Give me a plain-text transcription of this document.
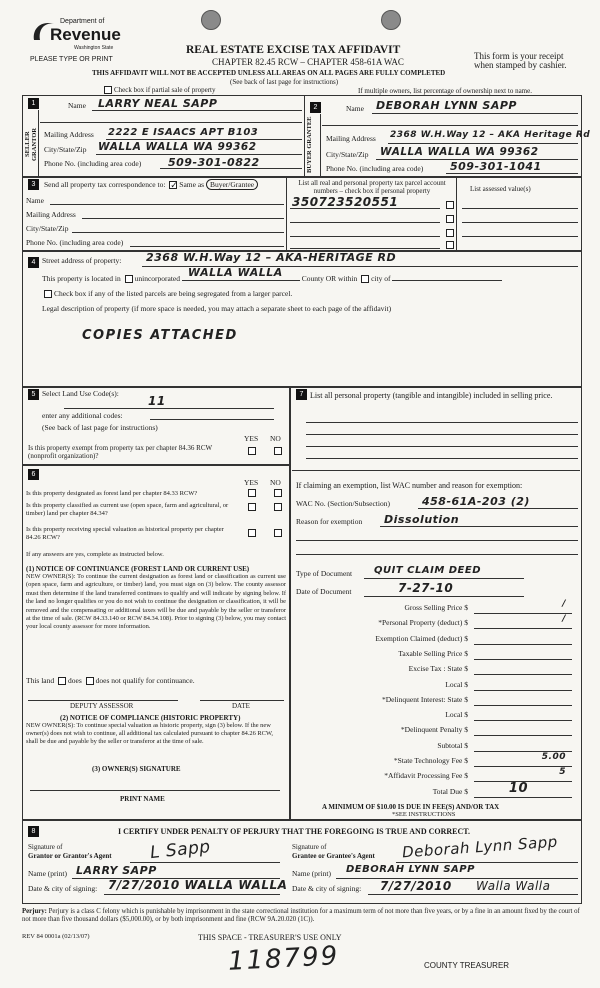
Department of
Revenue
Washington State
PLEASE TYPE OR PRINT
REAL ESTATE EXCISE TAX AFFIDAVIT
CHAPTER 82.45 RCW – CHAPTER 458-61A WAC
THIS AFFIDAVIT WILL NOT BE ACCEPTED UNLESS ALL AREAS ON ALL PAGES ARE FULLY COMPLETED
This form is your receipt when stamped by cashier.
(See back of last page for instructions)
Check box if partial sale of property	If multiple owners, list percentage of ownership next to name.
1
2
SELLER GRANTOR	BUYER GRANTEE
Name LARRY NEAL SAPP
Mailing Address 2222 E ISAACS APT B103
City/State/Zip WALLA WALLA WA 99362
Phone No. (including area code) 509-301-0822
Name DEBORAH LYNN SAPP
Mailing Address 2368 W.H.Way 12 – AKA Heritage Rd
City/State/Zip WALLA WALLA WA 99362
Phone No. (including area code) 509-301-1041
3	Send all property tax correspondence to: ✓ Same as Buyer/Grantee
Name
Mailing Address
City/State/Zip
Phone No. (including area code)
List all real and personal property tax parcel account numbers – check box if personal property	List assessed value(s)
350723520551
4 Street address of property: 2368 W.H.Way 12 – AKA-HERITAGE RD
This property is located in unincorporated WALLA WALLA	County OR within city of
Check box if any of the listed parcels are being segregated from a larger parcel.
Legal description of property (if more space is needed, you may attach a separate sheet to each page of the affidavit)
COPIES ATTACHED
5 Select Land Use Code(s):
11
enter any additional codes:
(See back of last page for instructions)
YES NO
Is this property exempt from property tax per chapter 84.36 RCW (nonprofit organization)?
6
YES NO
Is this property designated as forest land per chapter 84.33 RCW?
Is this property classified as current use (open space, farm and agricultural, or timber) land per chapter 84.34?
Is this property receiving special valuation as historical property per chapter 84.26 RCW?
If any answers are yes, complete as instructed below.
(1) NOTICE OF CONTINUANCE (FOREST LAND OR CURRENT USE)
NEW OWNER(S): To continue the current designation as forest land or classification as current use (open space, farm and agriculture, or timber) land, you must sign on (3) below. The county assessor must then determine if the land transferred continues to qualify and will indicate by signing below. If the land no longer qualifies or you do not wish to continue the designation or classification, it will be removed and the compensating or additional taxes will be due and payable by the seller or transferor at the time of sale. (RCW 84.33.140 or RCW 84.34.108). Prior to signing (3) below, you may contact your local county assessor for more information.
This land does does not qualify for continuance.
DEPUTY ASSESSOR	DATE
(2) NOTICE OF COMPLIANCE (HISTORIC PROPERTY)
NEW OWNER(S): To continue special valuation as historic property, sign (3) below. If the new owner(s) does not wish to continue, all additional tax calculated pursuant to chapter 84.26 RCW, shall be due and payable by the seller or transferor at the time of sale.
(3) OWNER(S) SIGNATURE
PRINT NAME
7 List all personal property (tangible and intangible) included in selling price.
If claiming an exemption, list WAC number and reason for exemption:
WAC No. (Section/Subsection)	458-61A-203 (2)
Reason for exemption Dissolution
Type of Document QUIT CLAIM DEED
Date of Document	7-27-10
Gross Selling Price $	/
*Personal Property (deduct) $	/
Exemption Claimed (deduct) $
Taxable Selling Price $
Excise Tax : State $
Local $
*Delinquent Interest: State $
Local $
*Delinquent Penalty $
Subtotal $
*State Technology Fee $	5.00
*Affidavit Processing Fee $	5
Total Due $	10
A MINIMUM OF $10.00 IS DUE IN FEE(S) AND/OR TAX
*SEE INSTRUCTIONS
8	I CERTIFY UNDER PENALTY OF PERJURY THAT THE FOREGOING IS TRUE AND CORRECT.
Signature of
Grantor or Grantor's Agent L Sapp
Name (print) LARRY SAPP
Date & city of signing: 7/27/2010 WALLA WALLA
Signature of
Grantee or Grantee's Agent Deborah Lynn Sapp
Name (print) DEBORAH LYNN SAPP
Date & city of signing: 7/27/2010 Walla Walla
Perjury: Perjury is a class C felony which is punishable by imprisonment in the state correctional institution for a maximum term of not more than five years, or by a fine in an amount fixed by the court of not more than five thousand dollars ($5,000.00), or by both imprisonment and fine (RCW 9A.20.020 (1C)).
REV 84 0001a (02/13/07)	THIS SPACE - TREASURER'S USE ONLY
118799	COUNTY TREASURER
